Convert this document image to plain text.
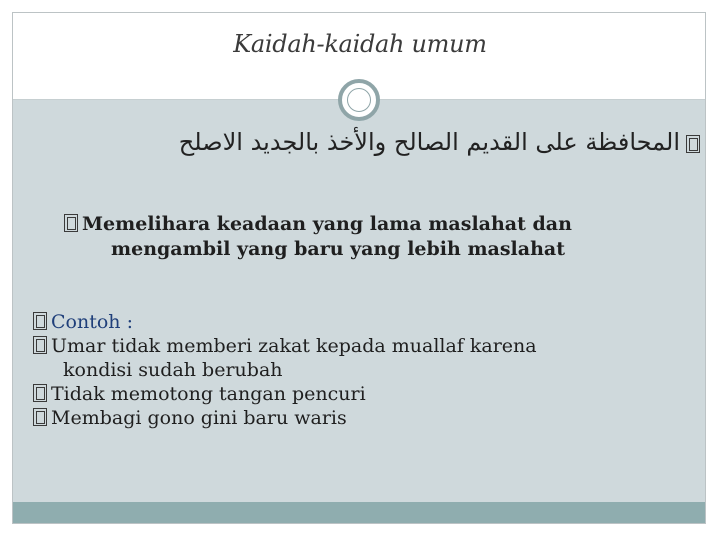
Kaidah-kaidah umum
المحافظة على القديم الصالح والأخذ بالجديد الاصلح
Memelihara keadaan yang lama maslahat dan
mengambil yang baru yang lebih maslahat
Contoh :
Umar tidak memberi zakat kepada muallaf karena
kondisi sudah berubah
Tidak memotong tangan pencuri
Membagi gono gini baru waris
